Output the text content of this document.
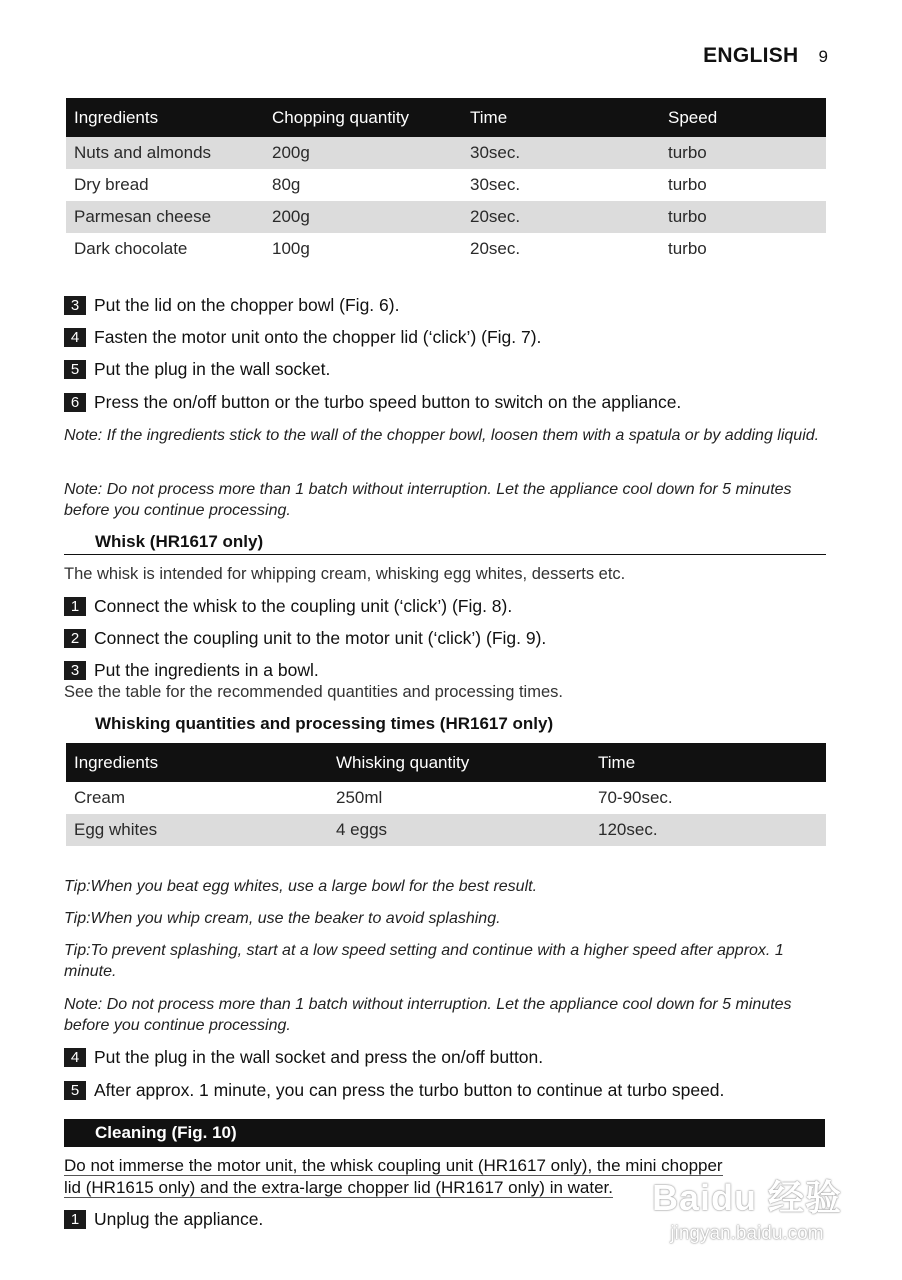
ENGLISH 9
Ingredients	Chopping quantity	Time	Speed
Nuts and almonds	200g	30sec.	turbo
Dry bread	80g	30sec.	turbo
Parmesan cheese	200g	20sec.	turbo
Dark chocolate	100g	20sec.	turbo
3 Put the lid on the chopper bowl (Fig. 6).
4 Fasten the motor unit onto the chopper lid (‘click’) (Fig. 7).
5 Put the plug in the wall socket.
6 Press the on/off button or the turbo speed button to switch on the appliance.
Note: If the ingredients stick to the wall of the chopper bowl, loosen them with a spatula or by adding liquid.
Note: Do not process more than 1 batch without interruption. Let the appliance cool down for 5 minutes before you continue processing.
Whisk (HR1617 only)
The whisk is intended for whipping cream, whisking egg whites, desserts etc.
1 Connect the whisk to the coupling unit (‘click’) (Fig. 8).
2 Connect the coupling unit to the motor unit (‘click’) (Fig. 9).
3 Put the ingredients in a bowl.
See the table for the recommended quantities and processing times.
Whisking quantities and processing times (HR1617 only)
Ingredients	Whisking quantity	Time
Cream	250ml	70-90sec.
Egg whites	4 eggs	120sec.
Tip:When you beat egg whites, use a large bowl for the best result.
Tip:When you whip cream, use the beaker to avoid splashing.
Tip:To prevent splashing, start at a low speed setting and continue with a higher speed after approx. 1 minute.
Note: Do not process more than 1 batch without interruption. Let the appliance cool down for 5 minutes before you continue processing.
4 Put the plug in the wall socket and press the on/off button.
5 After approx. 1 minute, you can press the turbo button to continue at turbo speed.
Cleaning (Fig. 10)
Do not immerse the motor unit, the whisk coupling unit (HR1617 only), the mini chopper
lid (HR1615 only) and the extra-large chopper lid (HR1617 only) in water.
1 Unplug the appliance.
Baidu 经验
jingyan.baidu.com
